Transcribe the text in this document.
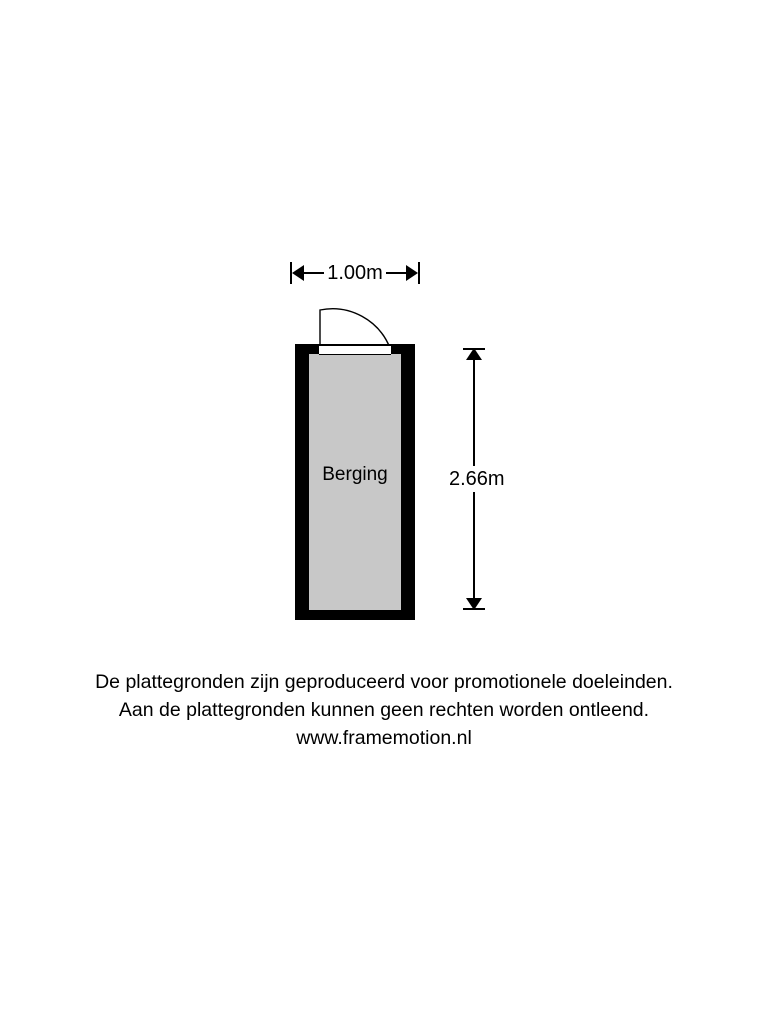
1.00m
Berging	2.66m
De plattegronden zijn geproduceerd voor promotionele doeleinden.
Aan de plattegronden kunnen geen rechten worden ontleend.
www.framemotion.nl
